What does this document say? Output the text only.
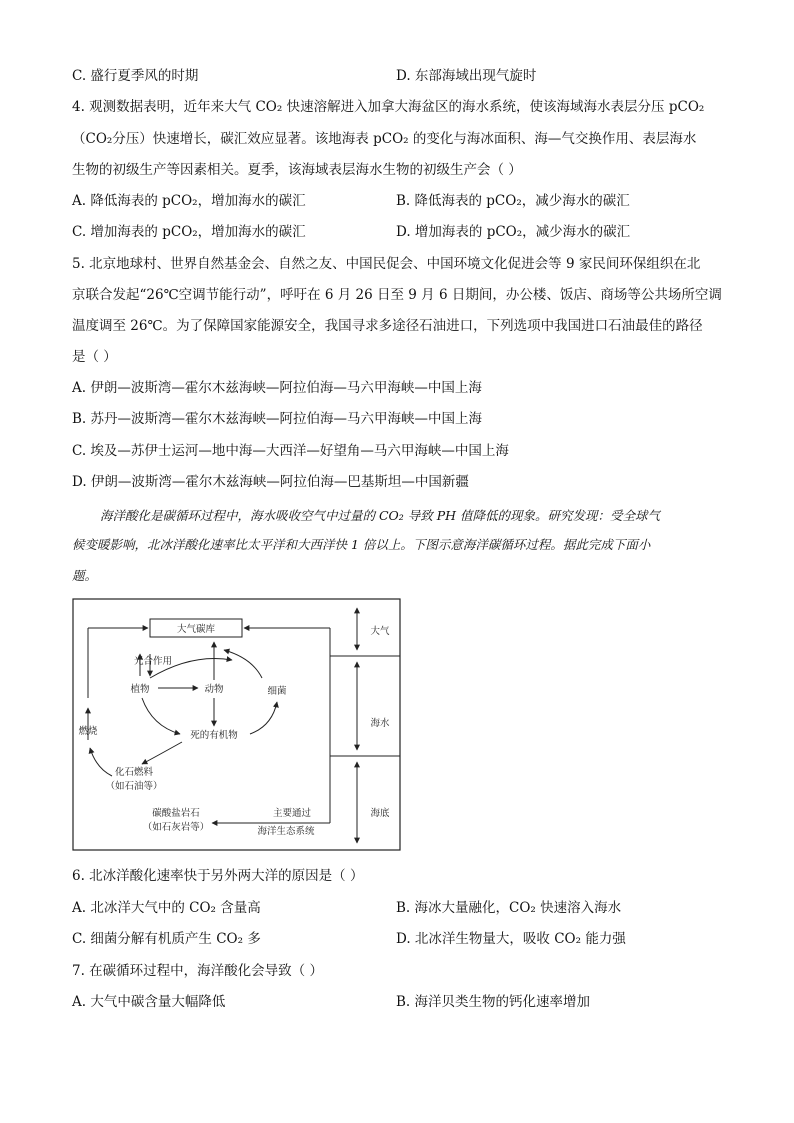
C. 盛行夏季风的时期	D. 东部海域出现气旋时
4. 观测数据表明，近年来大气 CO₂ 快速溶解进入加拿大海盆区的海水系统，使该海域海水表层分压 pCO₂
（CO₂分压）快速增长，碳汇效应显著。该地海表 pCO₂ 的变化与海冰面积、海—气交换作用、表层海水
生物的初级生产等因素相关。夏季，该海域表层海水生物的初级生产会（ ）
A. 降低海表的 pCO₂，增加海水的碳汇	B. 降低海表的 pCO₂，减少海水的碳汇
C. 增加海表的 pCO₂，增加海水的碳汇	D. 增加海表的 pCO₂，减少海水的碳汇
5. 北京地球村、世界自然基金会、自然之友、中国民促会、中国环境文化促进会等 9 家民间环保组织在北
京联合发起“26℃空调节能行动”，呼吁在 6 月 26 日至 9 月 6 日期间，办公楼、饭店、商场等公共场所空调
温度调至 26℃。为了保障国家能源安全，我国寻求多途径石油进口，下列选项中我国进口石油最佳的路径
是（ ）
A. 伊朗—波斯湾—霍尔木兹海峡—阿拉伯海—马六甲海峡—中国上海
B. 苏丹—波斯湾—霍尔木兹海峡—阿拉伯海—马六甲海峡—中国上海
C. 埃及—苏伊士运河—地中海—大西洋—好望角—马六甲海峡—中国上海
D. 伊朗—波斯湾—霍尔木兹海峡—阿拉伯海—巴基斯坦—中国新疆
海洋酸化是碳循环过程中，海水吸收空气中过量的 CO₂ 导致 PH 值降低的现象。研究发现：受全球气
候变暖影响，北冰洋酸化速率比太平洋和大西洋快 1 倍以上。下图示意海洋碳循环过程。据此完成下面小
题。
大气碳库	大气
海水
海底
燃烧
光合作用
植物	动物	细菌
死的有机物
化石燃料
（如石油等）
碳酸盐岩石
（如石灰岩等）
主要通过
海洋生态系统
6. 北冰洋酸化速率快于另外两大洋的原因是（ ）
A. 北冰洋大气中的 CO₂ 含量高	B. 海冰大量融化，CO₂ 快速溶入海水
C. 细菌分解有机质产生 CO₂ 多	D. 北冰洋生物量大，吸收 CO₂ 能力强
7. 在碳循环过程中，海洋酸化会导致（ ）
A. 大气中碳含量大幅降低	B. 海洋贝类生物的钙化速率增加
